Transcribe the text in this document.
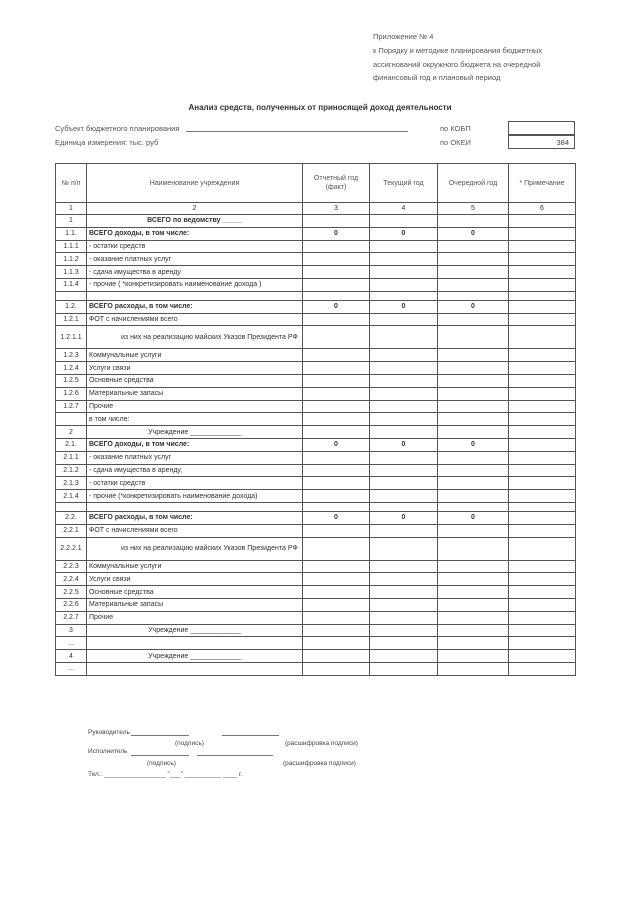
Приложение № 4
к Порядку и методике планирования бюджетных
ассигнований окружного бюджета на очередной
финансовый год и плановый период
Анализ средств, полученных от приносящей доход деятельности
Субъект бюджетного планирования
Единица измерения: тыс. руб
по КОБП
по ОКЕИ	384
№ п/п	Наименование учреждения	Отчетный год (факт)	Текущий год	Очередной год	* Примечание
1	2	3	4	5	6
1	ВСЕГО по ведомству _____				
1.1.	ВСЕГО доходы, в том числе:	0	0	0	
1.1.1	- остатки средств				
1.1.2	- оказание платных услуг				
1.1.3	- сдача имущества в аренду				
1.1.4	- прочие ( *конкретизировать наименование дохода )				

1.2.	ВСЕГО расходы, в том числе:	0	0	0	
1.2.1	ФОТ с начислениями всего				
1.2.1.1	из них на реализацию майских Указов Президента РФ				
1.2.3	Коммунальные услуги				
1.2.4	Услуги связи				
1.2.5	Основные средства				
1.2.6	Материальные запасы				
1.2.7	Прочие				
	в том числе:				
2	Учреждение _____________				
2.1.	ВСЕГО доходы, в том числе:	0	0	0	
2.1.1	- оказание платных услуг				
2.1.2	- сдача имущества в аренду,				
2.1.3	- остатки средств				
2.1.4	- прочие (*конкретизировать наименование дохода)				

2.2.	ВСЕГО расходы, в том числе:	0	0	0	
2.2.1	ФОТ с начислениями всего				
2.2.2.1	из них на реализацию майских Указов Президента РФ				
2.2.3	Коммунальные услуги				
2.2.4	Услуги связи				
2.2.5	Основные средства				
2.2.6	Материальные запасы				
2.2.7	Прочие				
3	Учреждение _____________				
...					
4	Учреждение _____________				
...					
Руководитель
(подпись)	(расшифровка подписи)
Исполнитель
(подпись)	(расшифровка подписи)
Тел.: _________________ "___" __________ ____ г.
